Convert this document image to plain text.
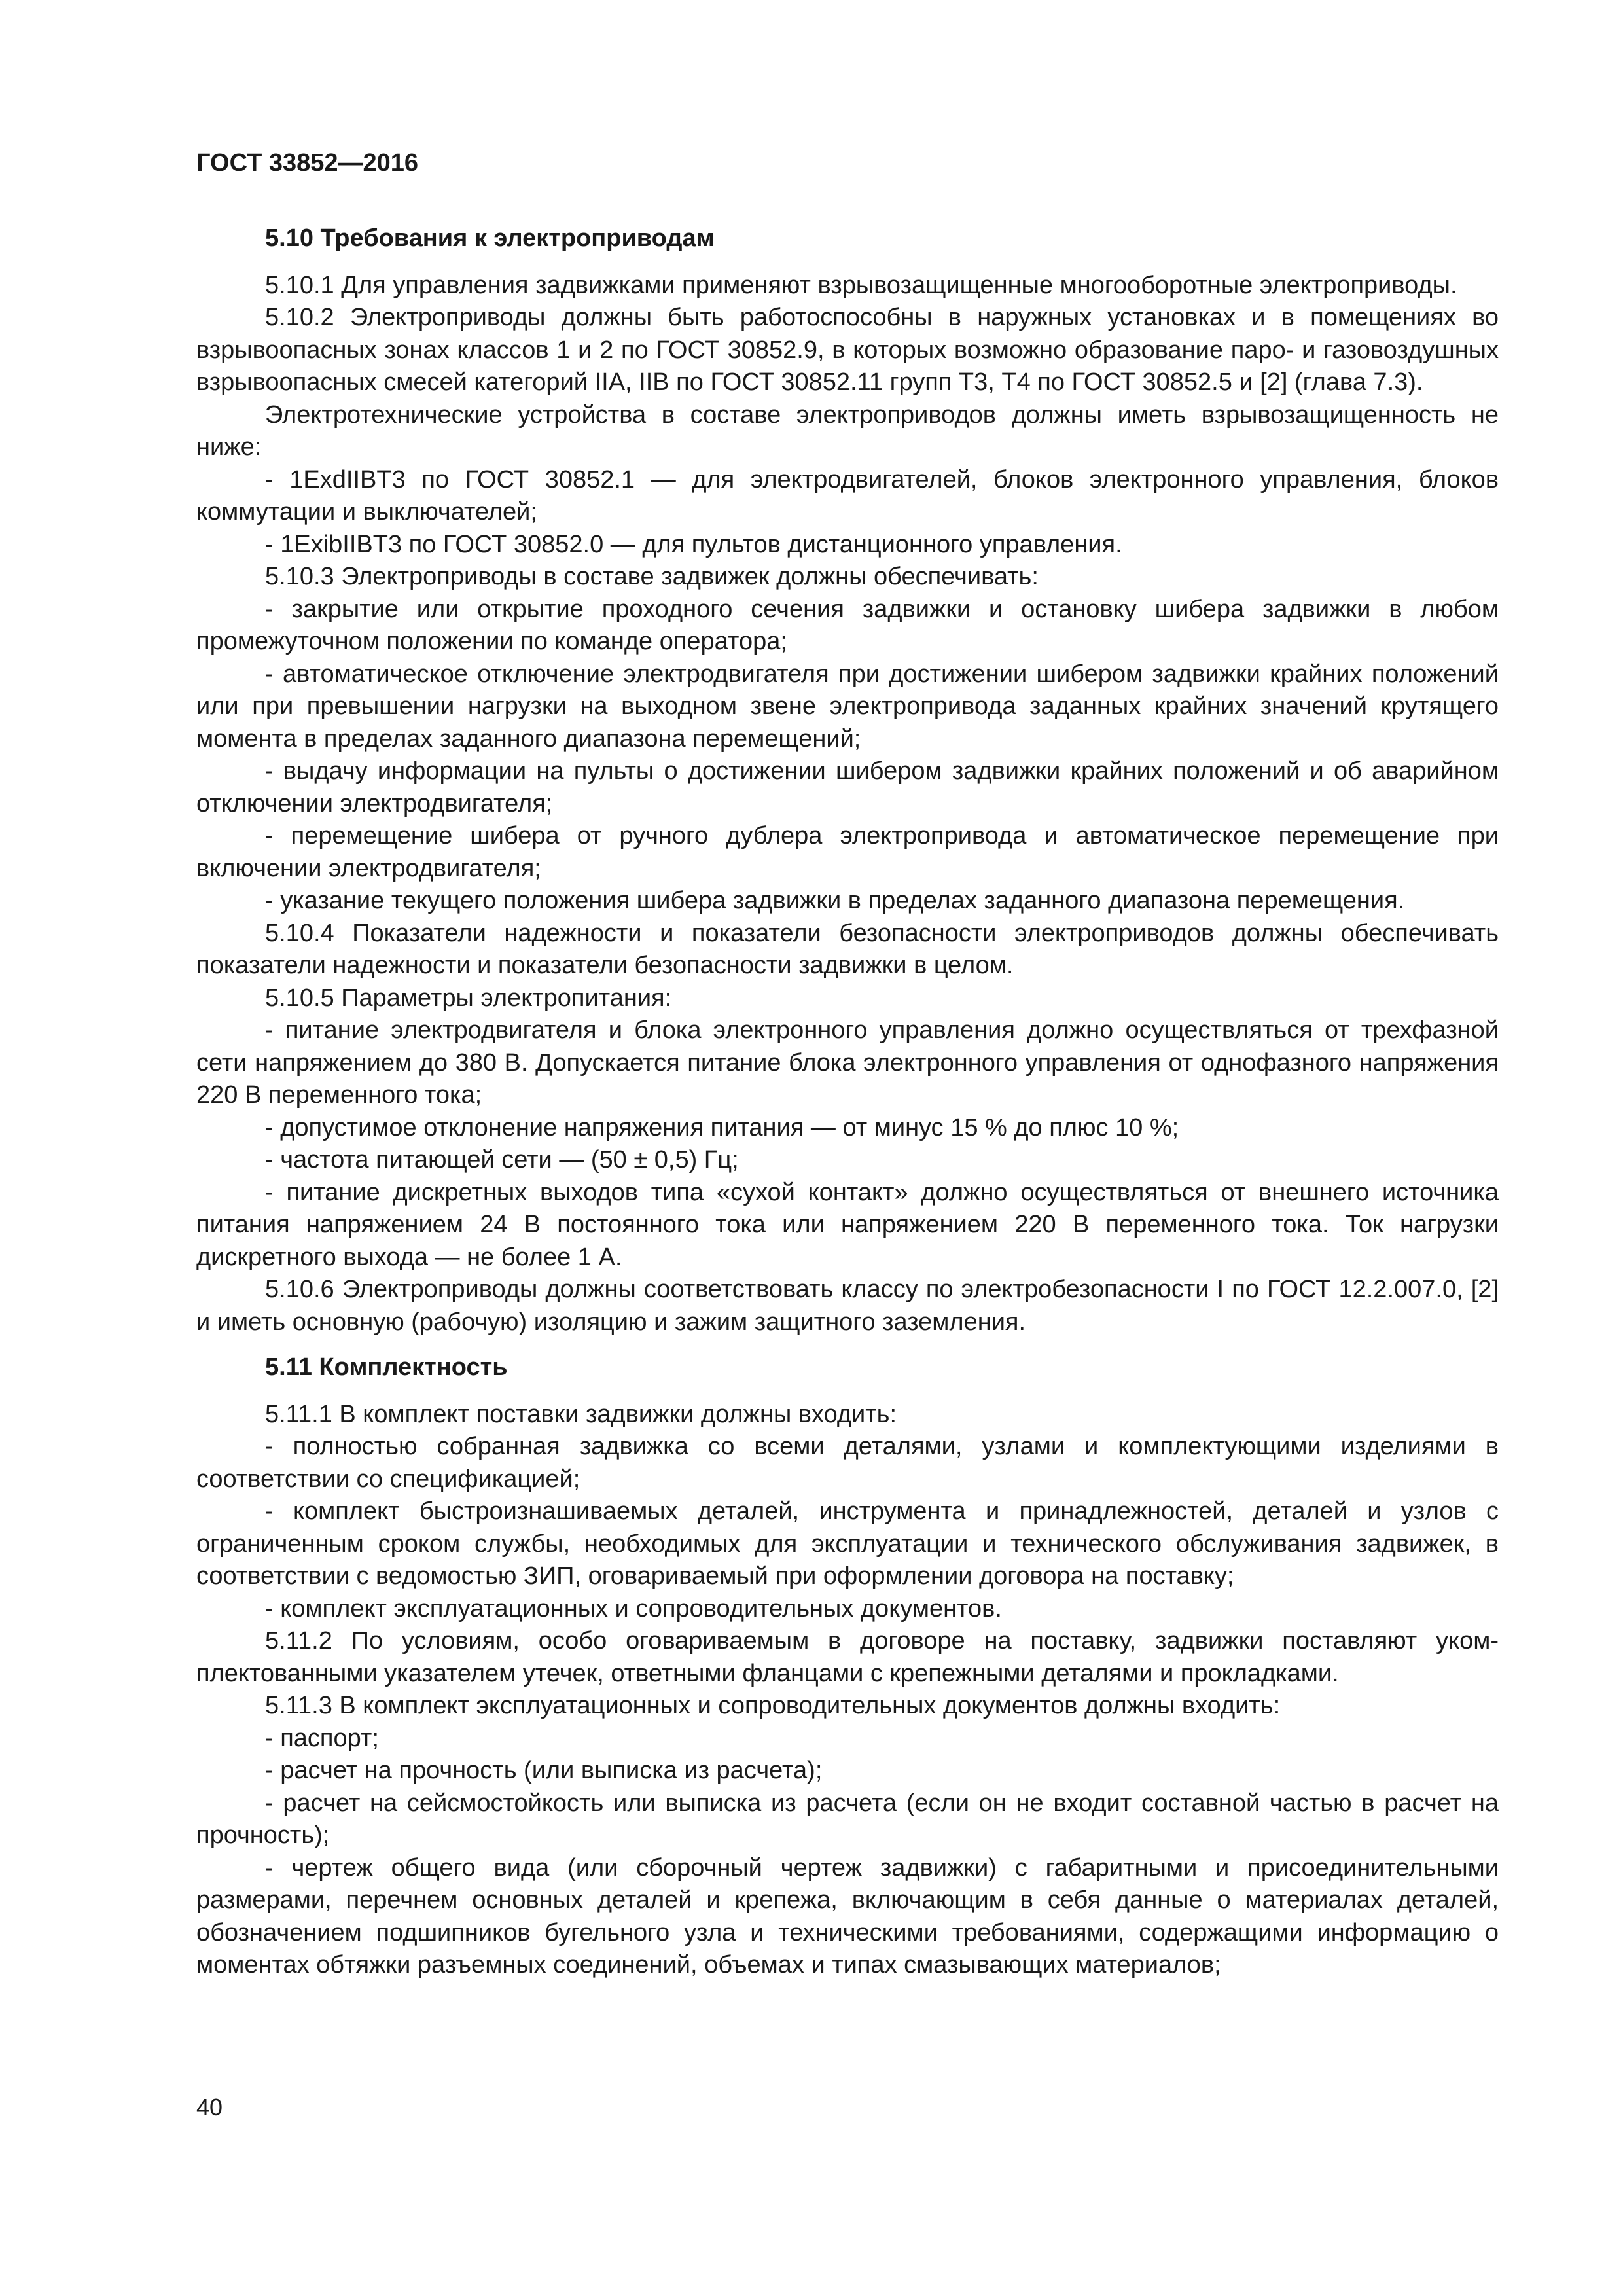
ГОСТ 33852—2016
5.10 Требования к электроприводам

5.10.1 Для управления задвижками применяют взрывозащищенные многооборотные электроприводы.

5.10.2 Электроприводы должны быть работоспособны в наружных установках и в помещениях во взрывоопасных зонах классов 1 и 2 по ГОСТ 30852.9, в которых возможно образование паро- и газовоздушных взрывоопасных смесей категорий IIA, IIB по ГОСТ 30852.11 групп Т3, Т4 по ГОСТ 30852.5 и [2] (глава 7.3).

Электротехнические устройства в составе электроприводов должны иметь взрывозащищенность не ниже:

- 1ExdIIBT3 по ГОСТ 30852.1 — для электродвигателей, блоков электронного управления, блоков коммутации и выключателей;

- 1ExibIIBT3 по ГОСТ 30852.0 — для пультов дистанционного управления.

5.10.3 Электроприводы в составе задвижек должны обеспечивать:

- закрытие или открытие проходного сечения задвижки и остановку шибера задвижки в любом промежуточном положении по команде оператора;

- автоматическое отключение электродвигателя при достижении шибером задвижки крайних положений или при превышении нагрузки на выходном звене электропривода заданных крайних значений крутящего момента в пределах заданного диапазона перемещений;

- выдачу информации на пульты о достижении шибером задвижки крайних положений и об аварийном отключении электродвигателя;

- перемещение шибера от ручного дублера электропривода и автоматическое перемещение при включении электродвигателя;

- указание текущего положения шибера задвижки в пределах заданного диапазона перемещения.

5.10.4 Показатели надежности и показатели безопасности электроприводов должны обеспечивать показатели надежности и показатели безопасности задвижки в целом.

5.10.5 Параметры электропитания:

- питание электродвигателя и блока электронного управления должно осуществляться от трехфазной сети напряжением до 380 В. Допускается питание блока электронного управления от однофазного напряжения 220 В переменного тока;

- допустимое отклонение напряжения питания — от минус 15 % до плюс 10 %;

- частота питающей сети — (50 ± 0,5) Гц;

- питание дискретных выходов типа «сухой контакт» должно осуществляться от внешнего источника питания напряжением 24 В постоянного тока или напряжением 220 В переменного тока. Ток нагрузки дискретного выхода — не более 1 А.

5.10.6 Электроприводы должны соответствовать классу по электробезопасности I по ГОСТ 12.2.007.0, [2] и иметь основную (рабочую) изоляцию и зажим защитного заземления.

5.11 Комплектность

5.11.1 В комплект поставки задвижки должны входить:

- полностью собранная задвижка со всеми деталями, узлами и комплектующими изделиями в соответствии со спецификацией;

- комплект быстроизнашиваемых деталей, инструмента и принадлежностей, деталей и узлов с ограниченным сроком службы, необходимых для эксплуатации и технического обслуживания задвижек, в соответствии с ведомостью ЗИП, оговариваемый при оформлении договора на поставку;

- комплект эксплуатационных и сопроводительных документов.

5.11.2 По условиям, особо оговариваемым в договоре на поставку, задвижки поставляют укомплектованными указателем утечек, ответными фланцами с крепежными деталями и прокладками.

5.11.3 В комплект эксплуатационных и сопроводительных документов должны входить:

- паспорт;

- расчет на прочность (или выписка из расчета);

- расчет на сейсмостойкость или выписка из расчета (если он не входит составной частью в расчет на прочность);

- чертеж общего вида (или сборочный чертеж задвижки) с габаритными и присоединительными размерами, перечнем основных деталей и крепежа, включающим в себя данные о материалах деталей, обозначением подшипников бугельного узла и техническими требованиями, содержащими информацию о моментах обтяжки разъемных соединений, объемах и типах смазывающих материалов;

40
